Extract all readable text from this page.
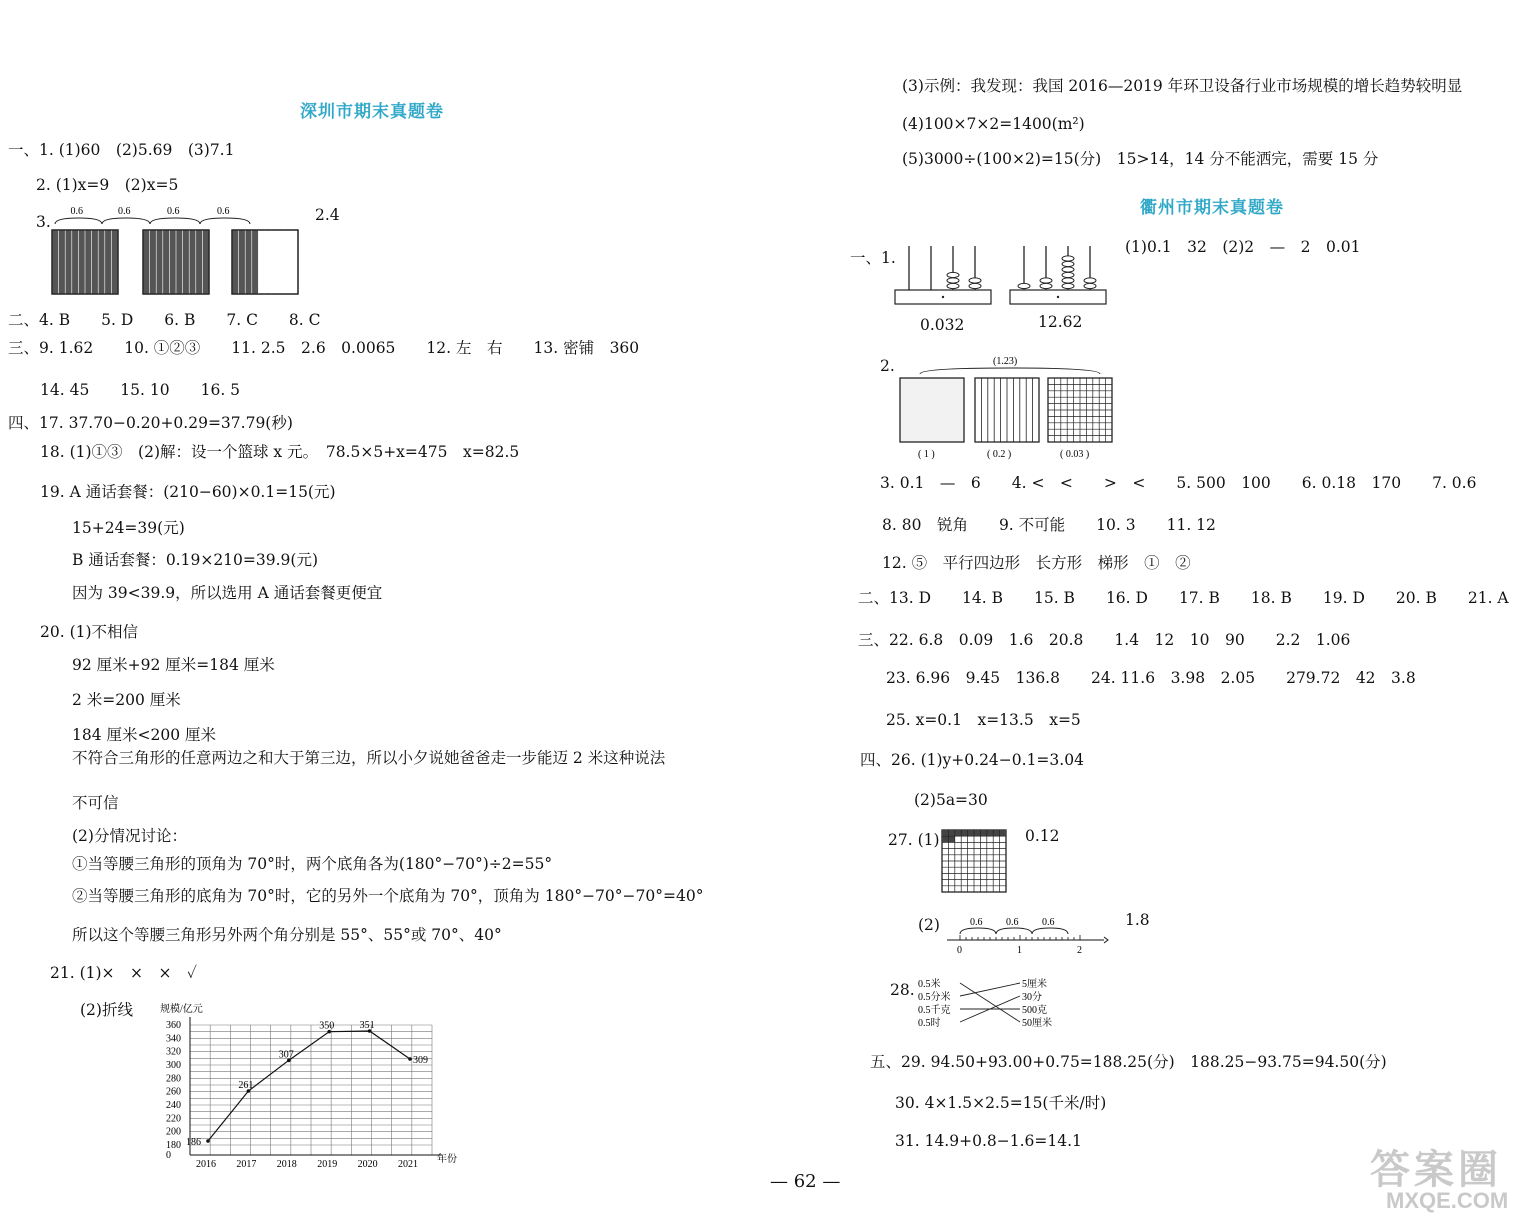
深圳市期末真题卷
一、1. (1)60　(2)5.69　(3)7.1
2. (1)x=9　(2)x=5
3.
0.6	0.6	0.6	0.6	2.4
二、4. B　　5. D　　6. B　　7. C　　8. C
三、9. 1.62　　10. ①②③　　11. 2.5　2.6　0.0065　　12. 左　右　　13. 密铺　360
14. 45　　15. 10　　16. 5
四、17. 37.70−0.20+0.29=37.79(秒)
18. (1)①③　(2)解：设一个篮球 x 元。　78.5×5+x=475　x=82.5
19. A 通话套餐：(210−60)×0.1=15(元)
15+24=39(元)
B 通话套餐：0.19×210=39.9(元)
因为 39<39.9，所以选用 A 通话套餐更便宜
20. (1)不相信
92 厘米+92 厘米=184 厘米
2 米=200 厘米
184 厘米<200 厘米
不符合三角形的任意两边之和大于第三边，所以小夕说她爸爸走一步能迈 2 米这种说法
不可信
(2)分情况讨论：
①当等腰三角形的顶角为 70°时，两个底角各为(180°−70°)÷2=55°
②当等腰三角形的底角为 70°时，它的另外一个底角为 70°，顶角为 180°−70°−70°=40°
所以这个等腰三角形另外两个角分别是 55°、55°或 70°、40°
21. (1)×　×　×　✓
(2)折线	规模/亿元
年份
0
180
200
220
240
260
280
300
320
340
360
2016 2017 2018 2019 2020 2021
186
261
307
350	351
309
(3)示例：我发现：我国 2016—2019 年环卫设备行业市场规模的增长趋势较明显
(4)100×7×2=1400(m²)
(5)3000÷(100×2)=15(分)　15>14，14 分不能洒完，需要 15 分
衢州市期末真题卷
一、1.
0.032	12.62
(1)0.1　32　(2)2　—　2　0.01
2.	(1.23)
( 1 )	( 0.2 )	( 0.03 )
3. 0.1　—　6　　4. <　<　　>　<　　5. 500　100　　6. 0.18　170　　7. 0.6
8. 80　锐角　　9. 不可能　　10. 3　　11. 12
12. ⑤　平行四边形　长方形　梯形　①　②
二、13. D　　14. B　　15. B　　16. D　　17. B　　18. B　　19. D　　20. B　　21. A
三、22. 6.8　0.09　1.6　20.8　　1.4　12　10　90　　2.2　1.06
23. 6.96　9.45　136.8　　24. 11.6　3.98　2.05　　279.72　42　3.8
25. x=0.1　x=13.5　x=5
四、26. (1)y+0.24−0.1=3.04
(2)5a=30
27. (1)	0.12
(2)
0	1	2
0.6 0.6 0.6	1.8
28. 0.5米
0.5分米
0.5千克
0.5时
5厘米
30分
500克
50厘米
五、29. 94.50+93.00+0.75=188.25(分)　188.25−93.75=94.50(分)
30. 4×1.5×2.5=15(千米/时)
31. 14.9+0.8−1.6=14.1
— 62 —	答案圈
MXQE.COM
